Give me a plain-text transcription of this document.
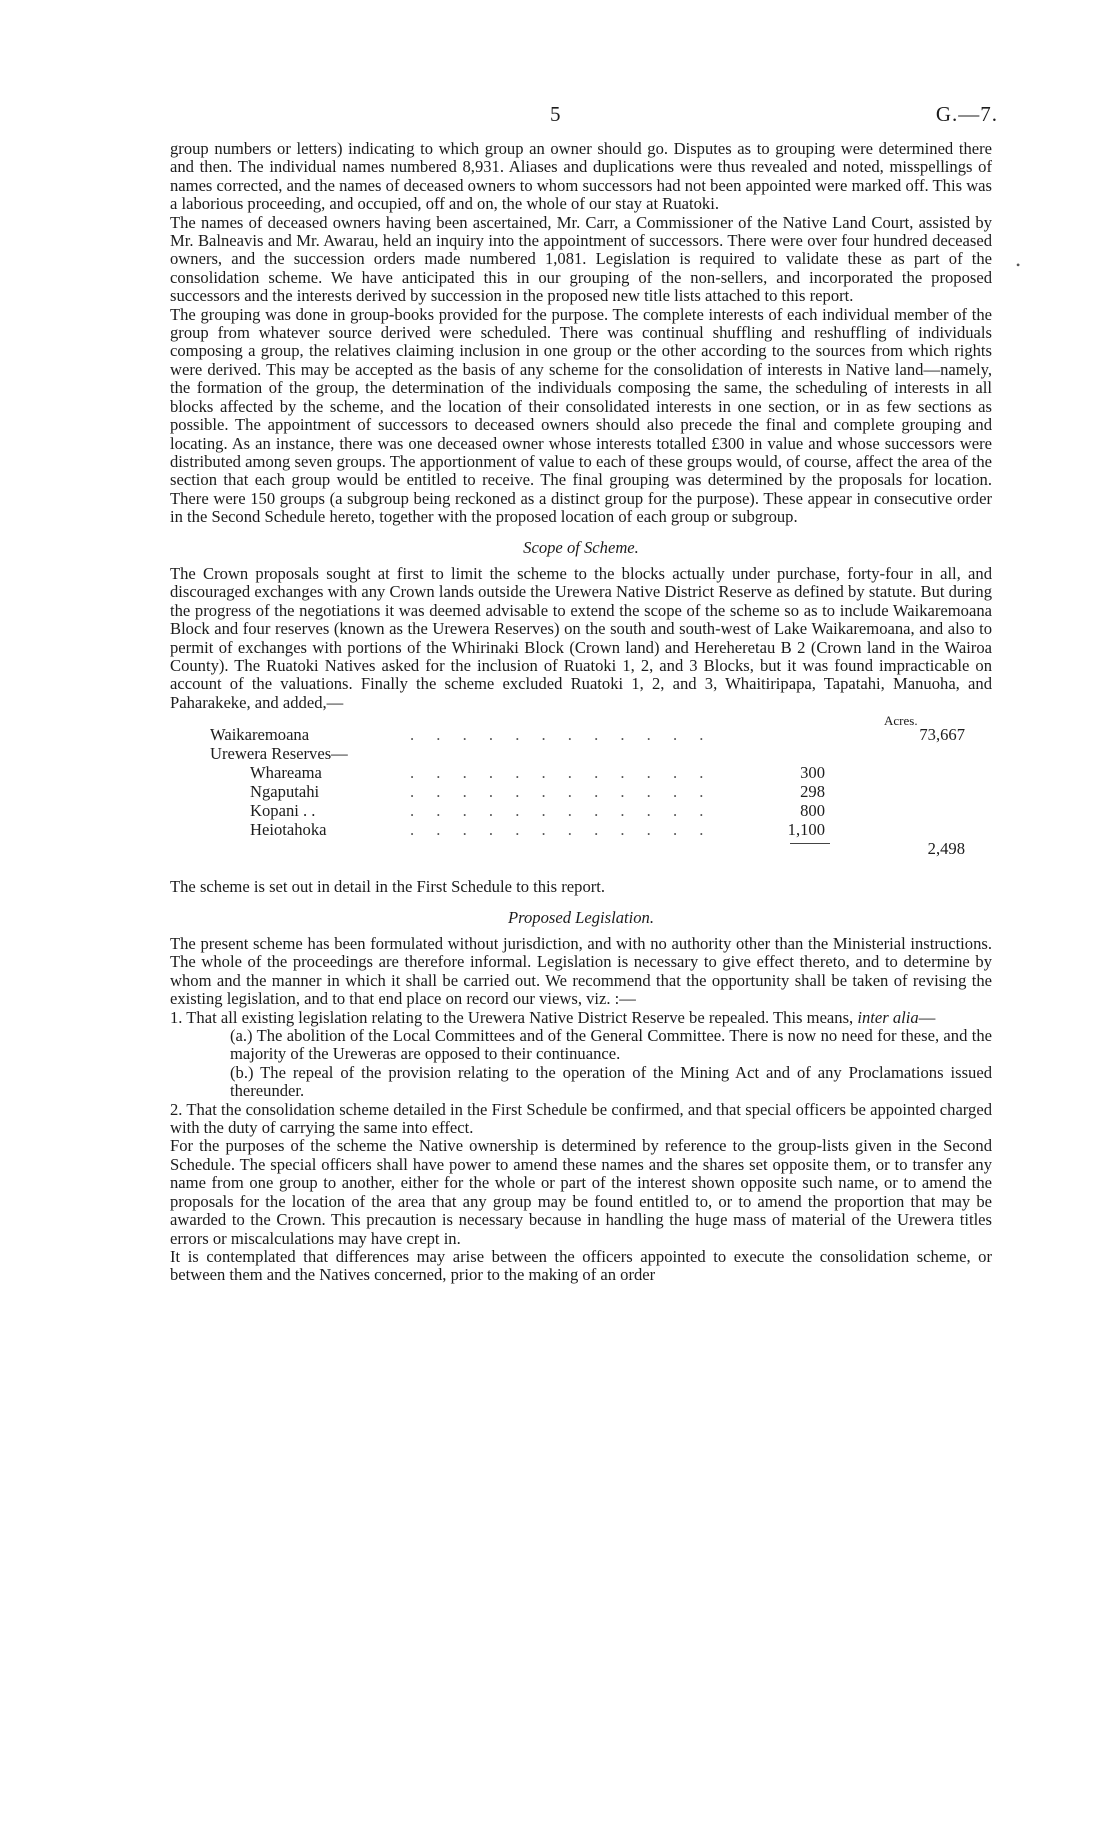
5	G.—7.
•

group numbers or letters) indicating to which group an owner should go. Disputes as to grouping were determined there and then. The individual names numbered 8,931. Aliases and duplications were thus revealed and noted, misspellings of names corrected, and the names of deceased owners to whom successors had not been appointed were marked off. This was a laborious proceeding, and occupied, off and on, the whole of our stay at Ruatoki.

The names of deceased owners having been ascertained, Mr. Carr, a Commissioner of the Native Land Court, assisted by Mr. Balneavis and Mr. Awarau, held an inquiry into the appointment of successors. There were over four hundred deceased owners, and the succession orders made numbered 1,081. Legislation is required to validate these as part of the consolidation scheme. We have anticipated this in our grouping of the non-sellers, and incorporated the proposed successors and the interests derived by succession in the proposed new title lists attached to this report.

The grouping was done in group-books provided for the purpose. The complete interests of each individual member of the group from whatever source derived were scheduled. There was continual shuffling and reshuffling of individuals composing a group, the relatives claiming inclusion in one group or the other according to the sources from which rights were derived. This may be accepted as the basis of any scheme for the consolidation of interests in Native land—namely, the formation of the group, the determination of the individuals composing the same, the scheduling of interests in all blocks affected by the scheme, and the location of their consolidated interests in one section, or in as few sections as possible. The appointment of successors to deceased owners should also precede the final and complete grouping and locating. As an instance, there was one deceased owner whose interests totalled £300 in value and whose successors were distributed among seven groups. The apportionment of value to each of these groups would, of course, affect the area of the section that each group would be entitled to receive. The final grouping was determined by the proposals for location. There were 150 groups (a subgroup being reckoned as a distinct group for the purpose). These appear in consecutive order in the Second Schedule hereto, together with the proposed location of each group or subgroup.

Scope of Scheme.

The Crown proposals sought at first to limit the scheme to the blocks actually under purchase, forty-four in all, and discouraged exchanges with any Crown lands outside the Urewera Native District Reserve as defined by statute. But during the progress of the negotiations it was deemed advisable to extend the scope of the scheme so as to include Waikaremoana Block and four reserves (known as the Urewera Reserves) on the south and south-west of Lake Waikaremoana, and also to permit of exchanges with portions of the Whirinaki Block (Crown land) and Hereheretau B 2 (Crown land in the Wairoa County). The Ruatoki Natives asked for the inclusion of Ruatoki 1, 2, and 3 Blocks, but it was found impracticable on account of the valuations. Finally the scheme excluded Ruatoki 1, 2, and 3, Whaitiripapa, Tapatahi, Manuoha, and Paharakeke, and added,—

Acres.
Waikaremoana	. . . . . . . . . . . .	73,667
Urewera Reserves—
Whareama	. . . . . . . . . . . .	300
Ngaputahi	. . . . . . . . . . . .	298
Kopani . .	. . . . . . . . . . . .	800
Heiotahoka	. . . . . . . . . . . .	1,100
2,498

The scheme is set out in detail in the First Schedule to this report.

Proposed Legislation.

The present scheme has been formulated without jurisdiction, and with no authority other than the Ministerial instructions. The whole of the proceedings are therefore informal. Legislation is necessary to give effect thereto, and to determine by whom and the manner in which it shall be carried out. We recommend that the opportunity shall be taken of revising the existing legislation, and to that end place on record our views, viz. :—

1. That all existing legislation relating to the Urewera Native District Reserve be repealed. This means, inter alia—

(a.) The abolition of the Local Committees and of the General Committee. There is now no need for these, and the majority of the Ureweras are opposed to their continuance.

(b.) The repeal of the provision relating to the operation of the Mining Act and of any Proclamations issued thereunder.

2. That the consolidation scheme detailed in the First Schedule be confirmed, and that special officers be appointed charged with the duty of carrying the same into effect.

For the purposes of the scheme the Native ownership is determined by reference to the group-lists given in the Second Schedule. The special officers shall have power to amend these names and the shares set opposite them, or to transfer any name from one group to another, either for the whole or part of the interest shown opposite such name, or to amend the proposals for the location of the area that any group may be found entitled to, or to amend the proportion that may be awarded to the Crown. This precaution is necessary because in handling the huge mass of material of the Urewera titles errors or miscalculations may have crept in.

It is contemplated that differences may arise between the officers appointed to execute the consolidation scheme, or between them and the Natives concerned, prior to the making of an order
